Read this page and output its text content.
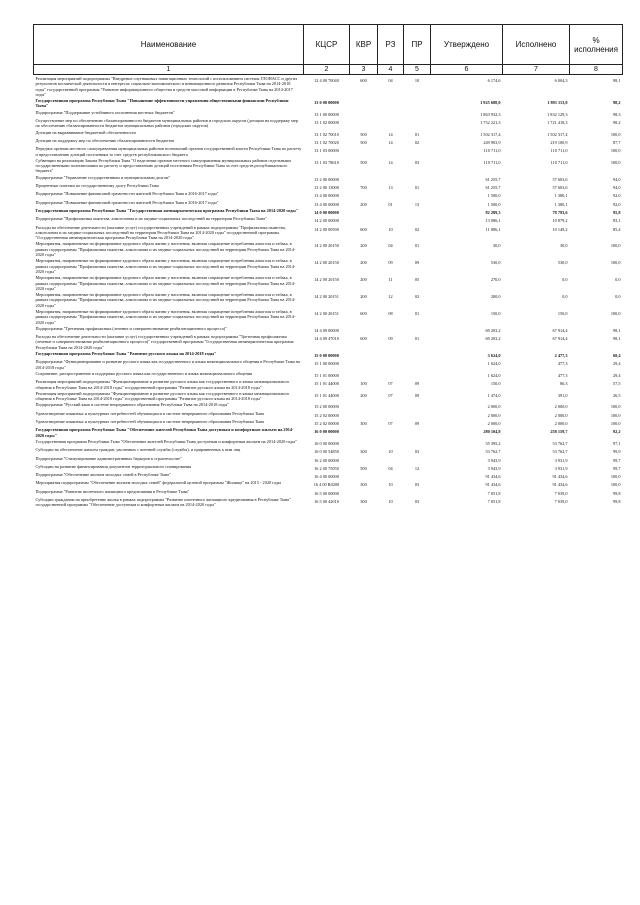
Наименование	КЦСР	КВР	РЗ	ПР	Утверждено	Исполнено	% исполнения
1	2	3	4	5	6	7	8
Реализация мероприятий подпрограммы "Внедрение спутниковых навигационных технологий с использованием системы ГЛОНАСС и других результатов космической деятельности в интересах социально-экономического и инновационного развития Республики Тыва на 2014-2018 годы" государственной программы "Развитие информационного общества и средств массовой информации в Республике Тыва на 2014-2017 годы"	12 4 00 70040	600	04	10	6 174,6	6 004,3	98,1
Государственная программа Республики Тыва "Повышение эффективности управления общественными финансами Республики Тыва"	13 0 00 00000				1 925 688,0	1 891 113,0	98,2
Подпрограмма "Поддержание устойчивого исполнения местных бюджетов"	13 1 00 00000				1 863 932,3	1 832 129,3	98,3
Осуществление мер по обеспечению сбалансированности бюджетов муниципальных районов и городских округов (дотации на поддержку мер по обеспечению сбалансированности бюджетов муниципальных районов (городских округов)	13 1 02 00000				1 752 221,3	1 721 418,3	98,2
Дотации на выравнивание бюджетной обеспеченности	13 1 02 70010	500	14	01	1 502 317,4	1 502 317,4	100,0
Дотации на поддержку мер по обеспечению сбалансированности бюджетов	13 1 02 70020	500	14	02	249 903,9	219 100,9	87,7
Передача органам местного самоуправления муниципальных районов полномочий органов государственной власти Республики Тыва по расчету и предоставлению дотаций поселениям за счет средств республиканского бюджета	13 1 03 00000				110 711,0	110 711,0	100,0
Субвенции на реализацию Закона Республики Тыва "О наделении органов местного самоуправления муниципальных районов отдельными государственными полномочиями по расчету и предоставлению дотаций поселениям Республики Тыва за счет средств республиканского бюджета"	13 1 03 78610	500	14	03	110 711,0	110 711,0	100,0
Подпрограмма "Управление государственным и муниципальным долгом"	13 2 00 00000				61 255,7	57 603,6	94,0
Процентные платежи по государственному долгу Республики Тыва	13 2 00 13000	700	13	01	61 255,7	57 603,6	94,0
Подпрограмма "Повышение финансовой грамотности жителей Республики Тыва в 2016-2017 годы"	13 4 00 00000				1 500,0	1 380,1	92,0
Подпрограмма "Повышение финансовой грамотности жителей Республики Тыва в 2016-2017 годы"	13 4 00 00000	200	01	13	1 500,0	1 380,1	92,0
Государственная программа Республики Тыва "Государственная антинаркотическая программа Республики Тыва на 2014-2020 годы"	14 0 00 00000				82 289,3	78 793,6	95,8
Подпрограмма "Профилактика пьянства, алкоголизма и их медико-социальных последствий на территории Республики Тыва"	14 2 00 00000				13 086,1	10 879,2	83,1
Расходы на обеспечение деятельности (оказание услуг) государственных учреждений в рамках подпрограммы "Профилактика пьянства, алкоголизма и их медико-социальных последствий на территории Республики Тыва на 2014-2020 годы" государственной программы "Государственная антинаркотическая программа Республики Тыва на 2014-2020 годы"	14 2 00 00590	600	10	02	11 886,1	10 149,2	85,4
Мероприятия, направленные на формирование здорового образа жизни у населения, включая сокращение потребления алкоголя и табака, в рамках подпрограммы "Профилактика пьянства, алкоголизма и их медико-социальных последствий на территории Республики Тыва на 2014-2020 годы"	14 2 00 20150	200	04	01	30,0	30,0	100,0
Мероприятия, направленные на формирование здорового образа жизни у населения, включая сокращение потребления алкоголя и табака, в рамках подпрограммы "Профилактика пьянства, алкоголизма и их медико-социальных последствий на территории Республики Тыва на 2014-2020 годы"	14 2 00 20150	200	09	09	530,0	530,0	100,0
Мероприятия, направленные на формирование здорового образа жизни у населения, включая сокращение потребления алкоголя и табака, в рамках подпрограммы "Профилактика пьянства, алкоголизма и их медико-социальных последствий на территории Республики Тыва на 2014-2020 годы"	14 2 00 20150	200	11	05	270,0	0,0	0,0
Мероприятия, направленные на формирование здорового образа жизни у населения, включая сокращение потребления алкоголя и табака, в рамках подпрограммы "Профилактика пьянства, алкоголизма и их медико-социальных последствий на территории Республики Тыва на 2014-2020 годы"	14 2 00 20151	200	12	02	200,0	0,0	0,0
Мероприятия, направленные на формирование здорового образа жизни у населения, включая сокращение потребления алкоголя и табака, в рамках подпрограммы "Профилактика пьянства, алкоголизма и их медико-социальных последствий на территории Республики Тыва на 2014-2020 годы"	14 2 00 20151	600	08	01	150,0	150,0	100,0
Подпрограмма "Третичная профилактика (лечение и совершенствование реабилитационного процесса)"	14 4 00 00000				69 203,2	67 914,4	98,1
Расходы на обеспечение деятельности (оказание услуг) государственных учреждений в рамках подпрограммы "Третичная профилактика (лечение и совершенствование реабилитационного процесса)" государственной программы "Государственная антинаркотическая программа Республики Тыва на 2014-2020 годы"	14 4 00 47010	600	09	01	69 203,2	67 914,4	98,1
Государственная программа Республики Тыва "Развитие русского языка на 2014-2018 годы"	15 0 00 00000				3 624,0	2 477,3	68,4
Подпрограмма "Функционирование и развитие русского языка как государственного и языка межнационального общения в Республике Тыва на 2014-2018 годы"	15 1 00 00000				1 624,0	477,3	29,4
Сохранение, распространение и поддержка русского языка как государственного и языка межнационального общения	15 1 01 00000				1 624,0	477,3	29,4
Реализация мероприятий подпрограммы "Функционирование и развитие русского языка как государственного и языка межнационального общения в Республике Тыва на 2014-2018 годы" государственной программы "Развитие русского языка на 2014-2018 годы"	15 1 01 44000	100	07	09	150,0	86,3	57,5
Реализация мероприятий подпрограммы "Функционирование и развитие русского языка как государственного и языка межнационального общения в Республике Тыва на 2014-2018 годы" государственной программы "Развитие русского языка на 2014-2018 годы"	15 1 01 44000	200	07	09	1 474,0	391,0	26,5
Подпрограмма "Русский язык в системе непрерывного образования Республики Тыва на 2014-2018 годы"	15 2 00 00000				2 000,0	2 000,0	100,0
Удовлетворение языковых и культурных потребностей обучающихся в системе непрерывного образования Республики Тыва	15 2 02 00000				2 000,0	2 000,0	100,0
Удовлетворение языковых и культурных потребностей обучающихся в системе непрерывного образования Республики Тыва	15 2 02 00000	300	07	09	2 000,0	2 000,0	100,0
Государственная программа Республики Тыва "Обеспечение жителей Республики Тыва доступным и комфортным жильем на 2014-2020 годы"	16 0 00 00000				280 104,8	258 159,7	92,2
Государственная программа Республики Тыва "Обеспечение жителей Республики Тыва доступным и комфортным жильем на 2014-2020 годы"	16 0 00 00000				55 395,2	53 762,7	97,1
Субсидии на обеспечение жильем граждан, уволенных с военной службы (службы), и приравненных к ним лиц	16 0 00 54850	300	10	03	53 762,7	53 762,7	99,9
Подпрограмма "Стимулирование административных барьеров в строительстве"	16 2 00 00000				3 943,9	3 931,9	99,7
Субсидии на развитие финансирования документов территориального планирования	16 2 00 75050	500	04	12	3 943,9	3 931,9	99,7
Подпрограмма "Обеспечение жильем молодых семей в Республике Тыва"	16 4 00 00000				91 434,6	91 434,6	100,0
Мероприятия подпрограммы "Обеспечение жильем молодых семей" федеральной целевой программы "Жилище" на 2015 - 2020 годы	16 4 00 R0200	300	10	03	91 434,6	91 434,6	100,0
Подпрограмма "Развитие ипотечного жилищного кредитования в Республике Тыва"	16 5 00 00000				7 051,8	7 039,0	99,8
Субсидии гражданам на приобретение жилья в рамках подпрограммы "Развитие ипотечного жилищного кредитования в Республике Тыва" государственной программы "Обеспечение доступным и комфортным жильем на 2014-2020 годы"	16 5 00 42010	300	10	03	7 051,8	7 039,0	99,8
